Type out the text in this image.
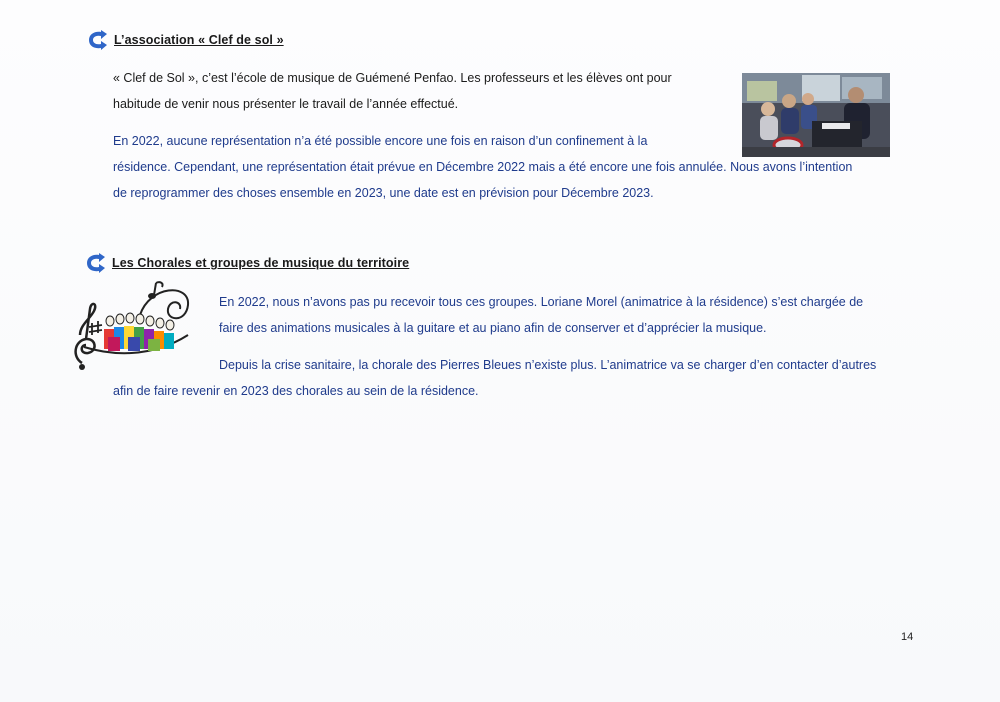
L’association « Clef de sol »

« Clef de Sol », c’est l’école de musique de Guémené Penfao. Les professeurs et les élèves ont pour
habitude de venir nous présenter le travail de l’année effectué.

En 2022, aucune représentation n’a été possible encore une fois en raison d’un confinement à la
résidence. Cependant, une représentation était prévue en Décembre 2022 mais a été encore une fois annulée. Nous avons l’intention
de reprogrammer des choses ensemble en 2023, une date est en prévision pour Décembre 2023.

Les Chorales et groupes de musique du territoire

En 2022, nous n’avons pas pu recevoir tous ces groupes. Loriane Morel (animatrice à la résidence) s’est chargée de
faire des animations musicales à la guitare et au piano afin de conserver et d’apprécier la musique.

Depuis la crise sanitaire, la chorale des Pierres Bleues n’existe plus. L’animatrice va se charger d’en contacter d’autres

afin de faire revenir en 2023 des chorales au sein de la résidence.

14
